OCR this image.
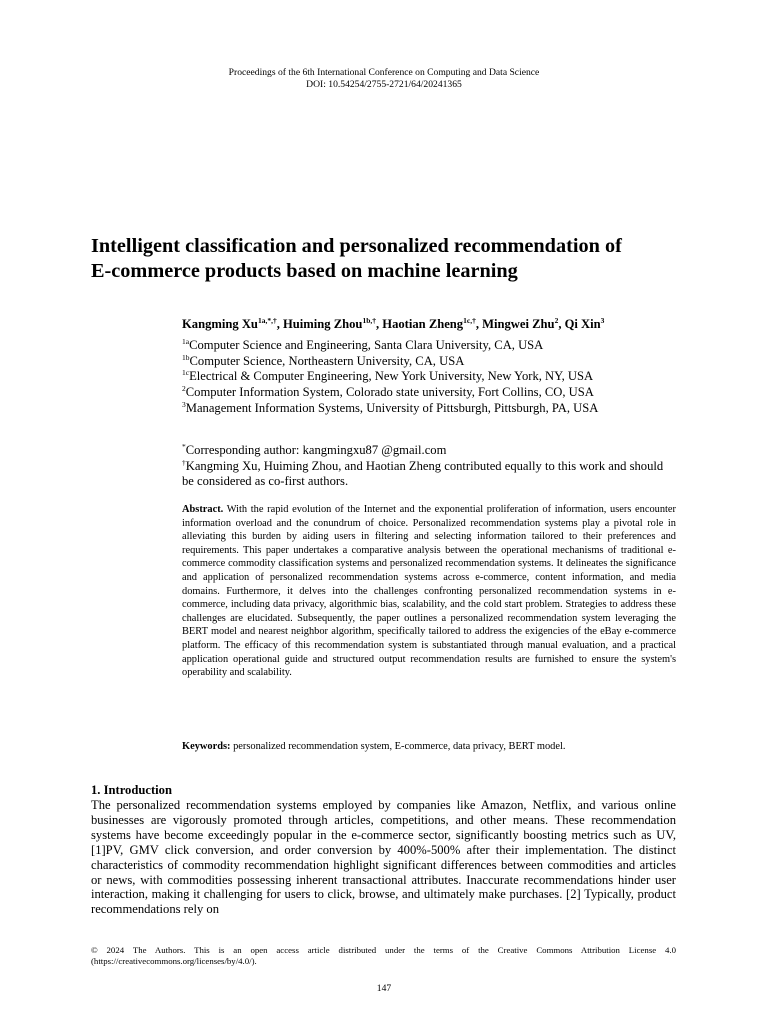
Proceedings of the 6th International Conference on Computing and Data Science
DOI: 10.54254/2755-2721/64/20241365
Intelligent classification and personalized recommendation of
E-commerce products based on machine learning
Kangming $Xu^{1a,*,\dagger}$, Huiming Zhou$^{1b,\dagger}$, Haotian Zheng$^{1c,\dagger}$, Mingwei Zhu$^2$, Qi Xin$^3$
$^{1a}$Computer Science and Engineering, Santa Clara University, CA, USA
$^{1b}$Computer Science, Northeastern University, CA, USA
$^{1c}$Electrical & Computer Engineering, New York University, New York, NY, USA
$^2$Computer Information System, Colorado state university, Fort Collins, CO, USA
$^3$Management Information Systems, University of Pittsburgh, Pittsburgh, PA, USA
*Corresponding author: kangmingxu87 @gmail.com
†Kangming Xu, Huiming Zhou, and Haotian Zheng contributed equally to this work and should be considered as co-first authors.
Abstract. With the rapid evolution of the Internet and the exponential proliferation of information, users encounter information overload and the conundrum of choice. Personalized recommendation systems play a pivotal role in alleviating this burden by aiding users in filtering and selecting information tailored to their preferences and requirements. This paper undertakes a comparative analysis between the operational mechanisms of traditional e-commerce commodity classification systems and personalized recommendation systems. It delineates the significance and application of personalized recommendation systems across e-commerce, content information, and media domains. Furthermore, it delves into the challenges confronting personalized recommendation systems in e-commerce, including data privacy, algorithmic bias, scalability, and the cold start problem. Strategies to address these challenges are elucidated. Subsequently, the paper outlines a personalized recommendation system leveraging the BERT model and nearest neighbor algorithm, specifically tailored to address the exigencies of the eBay e-commerce platform. The efficacy of this recommendation system is substantiated through manual evaluation, and a practical application operational guide and structured output recommendation results are furnished to ensure the system's operability and scalability.
Keywords: personalized recommendation system, E-commerce, data privacy, BERT model.
1. Introduction
The personalized recommendation systems employed by companies like Amazon, Netflix, and various online businesses are vigorously promoted through articles, competitions, and other means. These recommendation systems have become exceedingly popular in the e-commerce sector, significantly boosting metrics such as UV, [1]PV, GMV click conversion, and order conversion by 400%-500% after their implementation. The distinct characteristics of commodity recommendation highlight significant differences between commodities and articles or news, with commodities possessing inherent transactional attributes. Inaccurate recommendations hinder user interaction, making it challenging for users to click, browse, and ultimately make purchases. [2] Typically, product recommendations rely on
© 2024 The Authors. This is an open access article distributed under the terms of the Creative Commons Attribution License 4.0 (https://creativecommons.org/licenses/by/4.0/).
147
